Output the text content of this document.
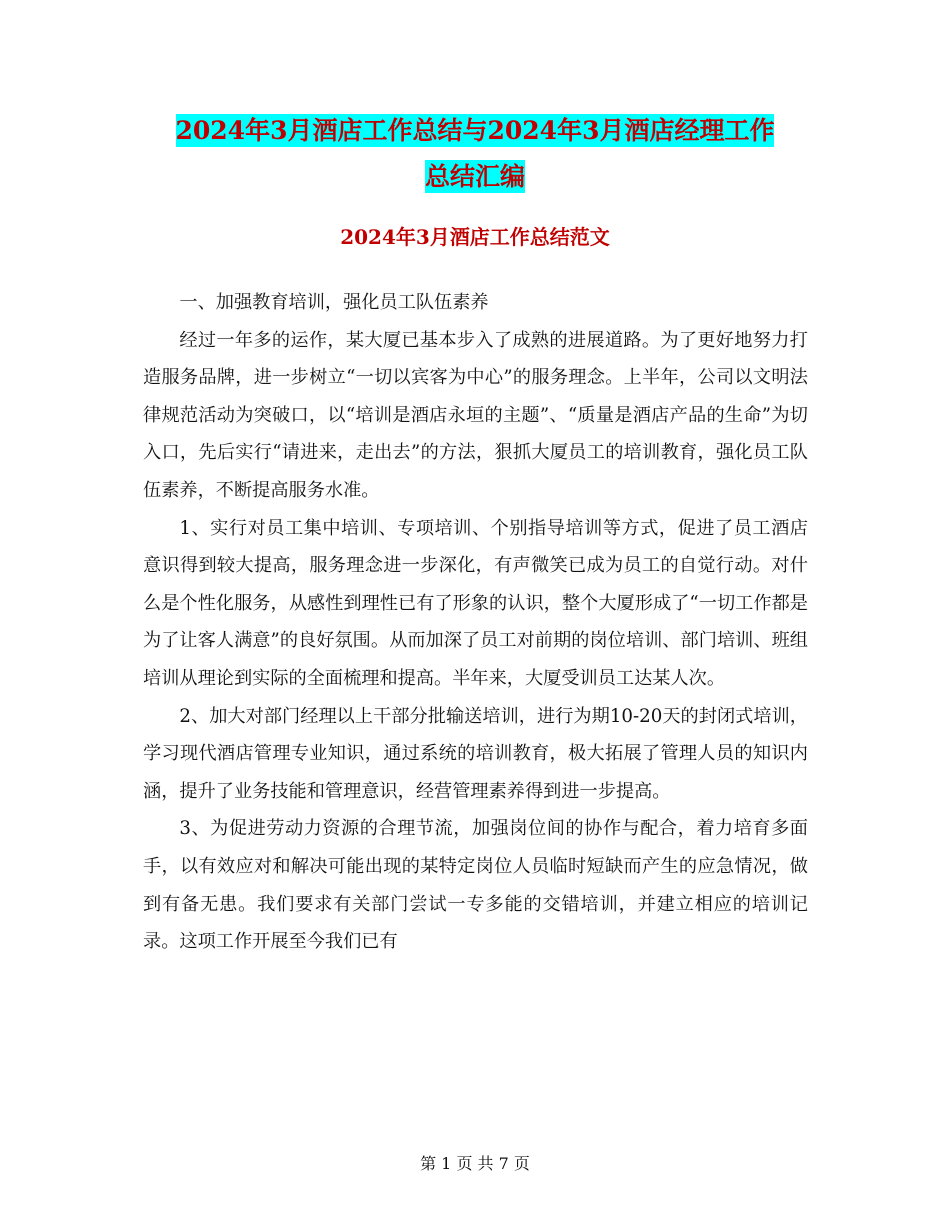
2024年3月酒店工作总结与2024年3月酒店经理工作
总结汇编
2024年3月酒店工作总结范文

一、加强教育培训，强化员工队伍素养

经过一年多的运作，某大厦已基本步入了成熟的进展道路。为了更好地努力打造服务品牌，进一步树立“一切以宾客为中心”的服务理念。上半年，公司以文明法律规范活动为突破口，以“培训是酒店永垣的主题”、“质量是酒店产品的生命”为切入口，先后实行“请进来，走出去”的方法，狠抓大厦员工的培训教育，强化员工队伍素养，不断提高服务水准。

1、实行对员工集中培训、专项培训、个别指导培训等方式，促进了员工酒店意识得到较大提高，服务理念进一步深化，有声微笑已成为员工的自觉行动。对什么是个性化服务，从感性到理性已有了形象的认识，整个大厦形成了“一切工作都是为了让客人满意”的良好氛围。从而加深了员工对前期的岗位培训、部门培训、班组培训从理论到实际的全面梳理和提高。半年来，大厦受训员工达某人次。

2、加大对部门经理以上干部分批输送培训，进行为期10-20天的封闭式培训，学习现代酒店管理专业知识，通过系统的培训教育，极大拓展了管理人员的知识内涵，提升了业务技能和管理意识，经营管理素养得到进一步提高。

3、为促进劳动力资源的合理节流，加强岗位间的协作与配合，着力培育多面手，以有效应对和解决可能出现的某特定岗位人员临时短缺而产生的应急情况，做到有备无患。我们要求有关部门尝试一专多能的交错培训，并建立相应的培训记录。这项工作开展至今我们已有

第 1 页 共 7 页
